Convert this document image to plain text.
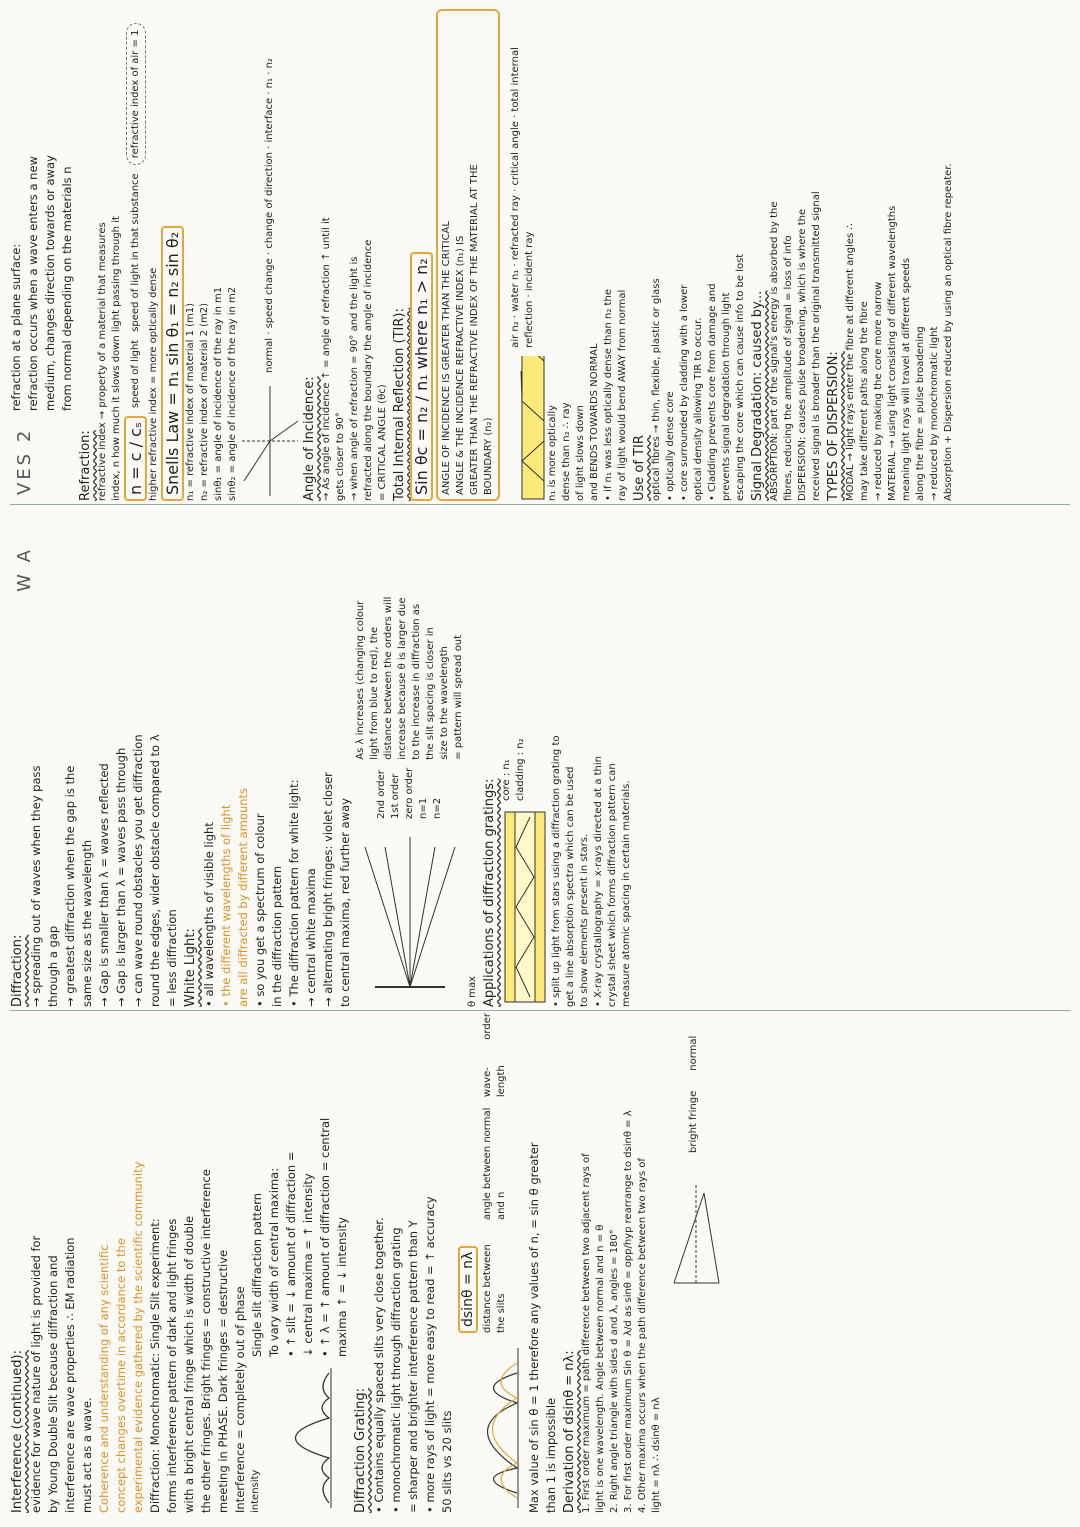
Interference (continued): evidence for wave nature of light is provided for by Young Double Slit because diffraction and interference are wave properties ∴ EM radiation must act as a wave. Coherence and understanding of any scientific concept changes overtime in accordance to the experimental evidence gathered by the scientific community Diffraction: Monochromatic: Single Slit experiment: forms interference pattern of dark and light fringes with a bright central fringe which is width of double the other fringes. Bright fringes = constructive interference meeting in PHASE. Dark fringes = destructive Interference = completely out of phase intensity
Single slit diffraction pattern To vary width of central maxima: • ↑ slit = ↓ amount of diffraction = ↓ central maxima = ↑ intensity • ↑ λ = ↑ amount of diffraction = central maxima ↑ = ↓ intensity
Diffraction Grating: • Contains equally spaced slits very close together. • monochromatic light through diffraction grating = sharper and brighter interference pattern than Y • more rays of light = more easy to read = ↑ accuracy 50 slits vs 20 slits
dsinθ = nλ distance between the slits
angle between normal and n
wave-length
order
Max value of sin θ = 1 therefore any values of n, = sin θ greater than 1 is impossible Derivation of dsinθ = nλ: 1. First order maximum = path difference between two adjacent rays of light is one wavelength. Angle between normal and n = θ 2. Right angle triangle with sides d and λ, angles = 180° 3. For first order maximum Sin θ = λ/d as sinθ = opp/hyp rearrange to dsinθ = λ 4. Other maxima occurs when the path difference between two rays of light = nλ ∴ dsinθ = nλ
bright fringe
normal
W A
Diffraction: → spreading out of waves when they pass through a gap → greatest diffraction when the gap is the same size as the wavelength → Gap is smaller than λ = waves reflected → Gap is larger than λ = waves pass through → can wave round obstacles you get diffraction round the edges, wider obstacle compared to λ = less diffraction White Light: • all wavelengths of visible light • the different wavelengths of light are all diffracted by different amounts • so you get a spectrum of colour in the diffraction pattern • The diffraction pattern for white light: → central white maxima → alternating bright fringes: violet closer to central maxima, red further away
2nd order 1st order zero order n=1 n=2
As λ increases (changing colour light from blue to red), the distance between the orders will increase because θ is larger due to the increase in diffraction as the slit spacing is closer in size to the wavelength = pattern will spread out
θ max Applications of diffraction gratings: core : n₁ cladding : n₂	• split up light from stars using a diffraction grating to get a line absorption spectra which can be used to show elements present in stars. • X-ray crystallography = x-rays directed at a thin crystal sheet which forms diffraction pattern can measure atomic spacing in certain materials.
VES 2
refraction at a plane surface: refraction occurs when a wave enters a new medium, changes direction towards or away from normal depending on the materials n
Refraction: refractive index → property of a material that measures index, n how much it slows down light passing through it n = c / cₛ
speed of light
speed of light in that substance
refractive index of air = 1
higher refractive index = more optically dense Snells Law = n₁ sin θ₁ = n₂ sin θ₂ n₁ = refractive index of material 1 (m1) n₂ = refractive index of material 2 (m2) sinθ₁ = angle of incidence of the ray in m1 sinθ₂ = angle of incidence of the ray in m2	normal · speed change · change of direction · interface · n₁ · n₂
Angle of Incidence: → As angle of incidence ↑ = angle of refraction ↑ until it gets closer to 90° → when angle of refraction = 90° and the light is refracted along the boundary the angle of incidence = CRITICAL ANGLE (θc) Total Internal Reflection (TIR): Sin θc = n₂ / n₁ where n₁ > n₂ ANGLE OF INCIDENCE IS GREATER THAN THE CRITICAL ANGLE & THE INCIDENCE REFRACTIVE INDEX (n₁) IS GREATER THAN THE REFRACTIVE INDEX OF THE MATERIAL AT THE BOUNDARY (n₂)
air n₂ · water n₁ · refracted ray · critical angle · total internal reflection · incident ray
n₁ is more optically dense than n₂ ∴ ray of light slows down and BENDS TOWARDS NORMAL • if n₁ was less optically dense than n₂ the ray of light would bend AWAY from normal Use of TIR optical fibres → thin, flexible, plastic or glass • optically dense core • core surrounded by cladding with a lower optical density allowing TIR to occur. • Cladding prevents core from damage and prevents signal degradation through light escaping the core which can cause info to be lost Signal Degradation: caused by... ABSORPTION: part of the signal's energy is absorbed by the fibres, reducing the amplitude of signal = loss of info DISPERSION: causes pulse broadening, which is where the received signal is broader than the original transmitted signal TYPES OF DISPERSION: MODAL → light rays enter the fibre at different angles ∴ may take different paths along the fibre → reduced by making the core more narrow MATERIAL → using light consisting of different wavelengths meaning light rays will travel at different speeds along the fibre = pulse broadening → reduced by monochromatic light Absorption + Dispersion reduced by using an optical fibre repeater.
